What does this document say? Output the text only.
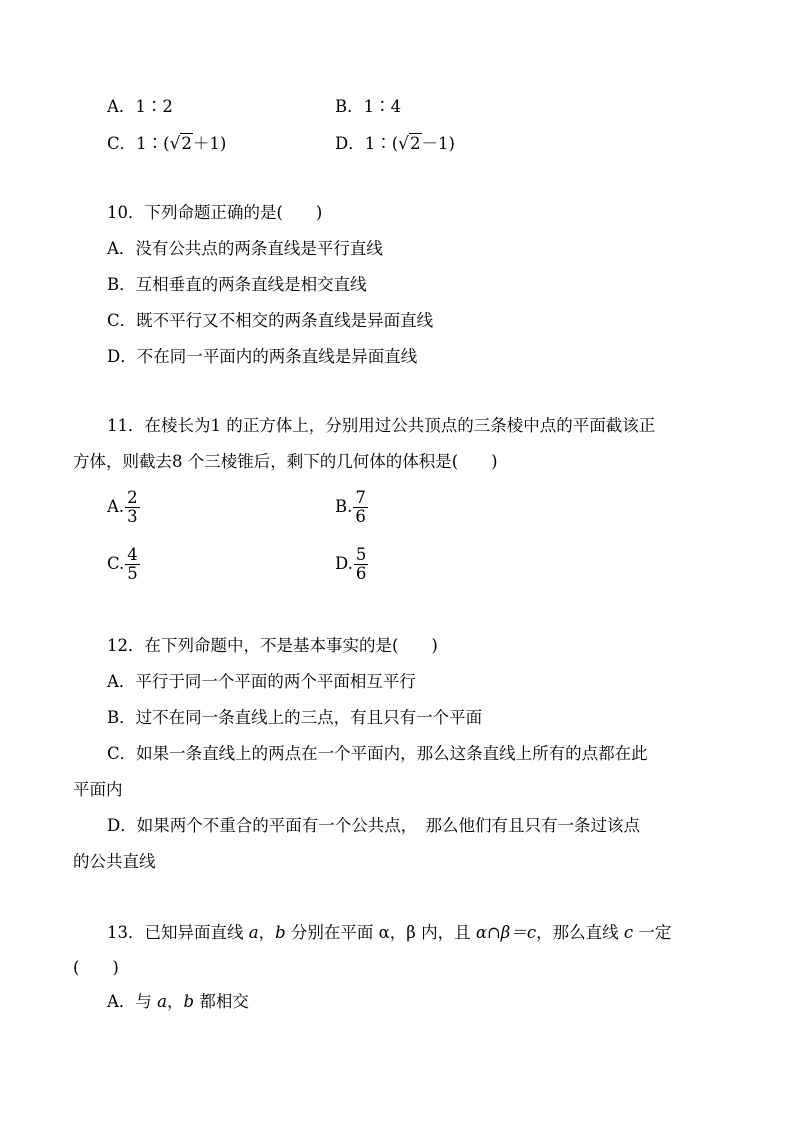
A．1∶2	B．1∶4
C．1∶(√2＋1)	D．1∶(√2－1)
10．下列命题正确的是(　　)
A．没有公共点的两条直线是平行直线
B．互相垂直的两条直线是相交直线
C．既不平行又不相交的两条直线是异面直线
D．不在同一平面内的两条直线是异面直线
11．在棱长为1 的正方体上，分别用过公共顶点的三条棱中点的平面截该正
方体，则截去8 个三棱锥后，剩下的几何体的体积是(　　)
A. $\frac{2}{3}$	B. $\frac{7}{6}$
C. $\frac{4}{5}$	D. $\frac{5}{6}$
12．在下列命题中，不是基本事实的是(　　)
A．平行于同一个平面的两个平面相互平行
B．过不在同一条直线上的三点，有且只有一个平面
C．如果一条直线上的两点在一个平面内，那么这条直线上所有的点都在此
平面内
D．如果两个不重合的平面有一个公共点，　那么他们有且只有一条过该点
的公共直线
13．已知异面直线 a，b 分别在平面 α，β 内，且 α∩β＝c，那么直线 c 一定
(　　)
A．与 a，b 都相交
